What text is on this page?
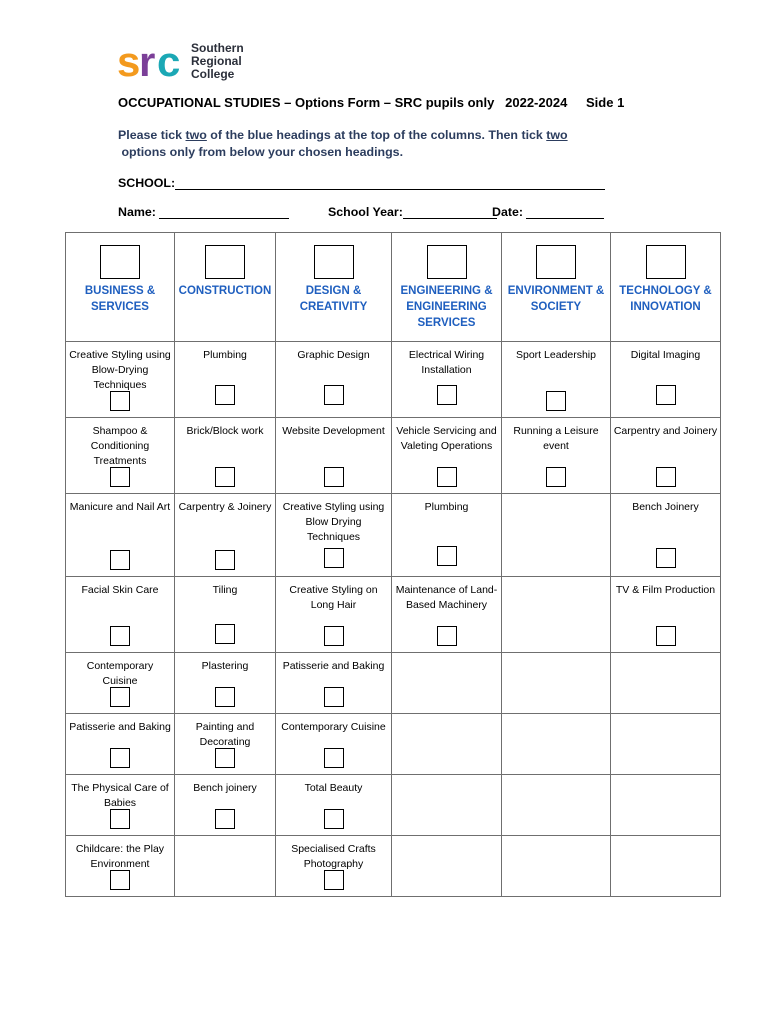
s
r c Southern
Regional
College
OCCUPATIONAL STUDIES – Options Form – SRC pupils only   2022-2024 Side 1
Please tick two of the blue headings at the top of the columns. Then tick two options only from below your chosen headings.
SCHOOL:
Name:	School Year:	Date:
BUSINESS & SERVICES	CONSTRUCTION	DESIGN & CREATIVITY	ENGINEERING & ENGINEERING SERVICES	ENVIRONMENT & SOCIETY	TECHNOLOGY & INNOVATION

Creative Styling using Blow-Drying Techniques	Plumbing	Graphic Design	Electrical Wiring Installation	Sport Leadership	Digital Imaging

Shampoo & Conditioning Treatments	Brick/Block work	Website Development	Vehicle Servicing and Valeting Operations	Running a Leisure event	Carpentry and Joinery

Manicure and Nail Art	Carpentry & Joinery	Creative Styling using Blow Drying Techniques	Plumbing		Bench Joinery

Facial Skin Care	Tiling	Creative Styling on Long Hair	Maintenance of Land-Based Machinery		TV & Film Production

Contemporary Cuisine	Plastering	Patisserie and Baking			

Patisserie and Baking	Painting and Decorating	Contemporary Cuisine			

The Physical Care of Babies	Bench joinery	Total Beauty			

Childcare: the Play Environment		Specialised Crafts Photography			
